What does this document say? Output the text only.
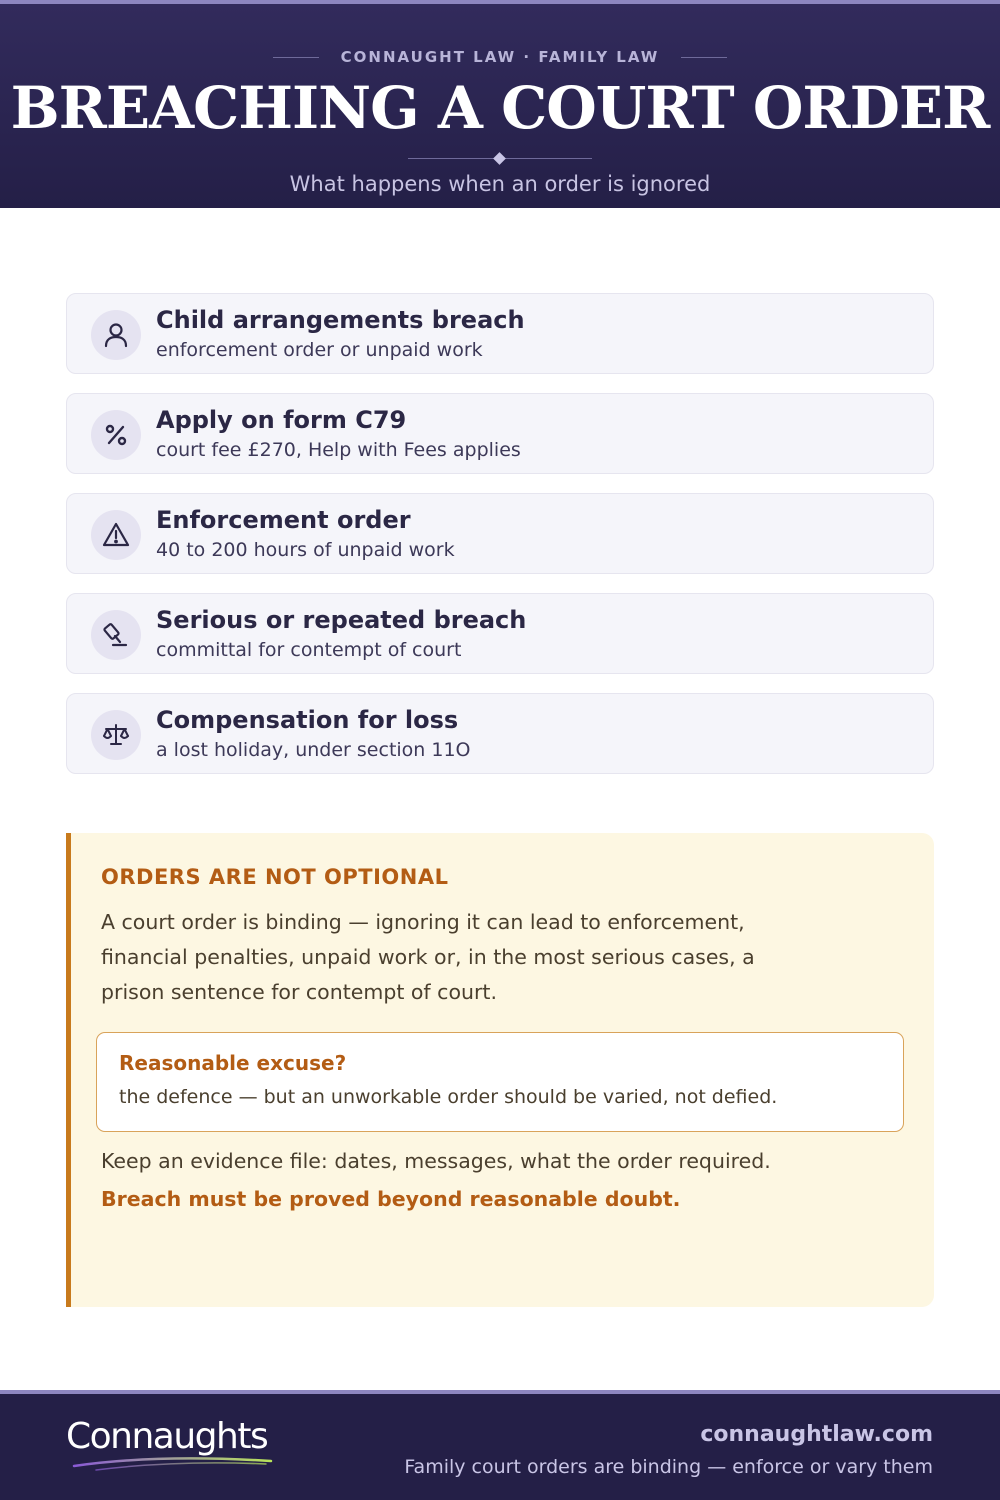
CONNAUGHT LAW · FAMILY LAW
BREACHING A COURT ORDER
What happens when an order is ignored
Child arrangements breach
enforcement order or unpaid work
Apply on form C79
court fee £270, Help with Fees applies
Enforcement order
40 to 200 hours of unpaid work
Serious or repeated breach
committal for contempt of court
Compensation for loss
a lost holiday, under section 11O
ORDERS ARE NOT OPTIONAL
A court order is binding — ignoring it can lead to enforcement, financial penalties, unpaid work or, in the most serious cases, a prison sentence for contempt of court.
Reasonable excuse?
the defence — but an unworkable order should be varied, not defied.
Keep an evidence file: dates, messages, what the order required.
Breach must be proved beyond reasonable doubt.
Connaughts	connaughtlaw.com
Family court orders are binding — enforce or vary them
